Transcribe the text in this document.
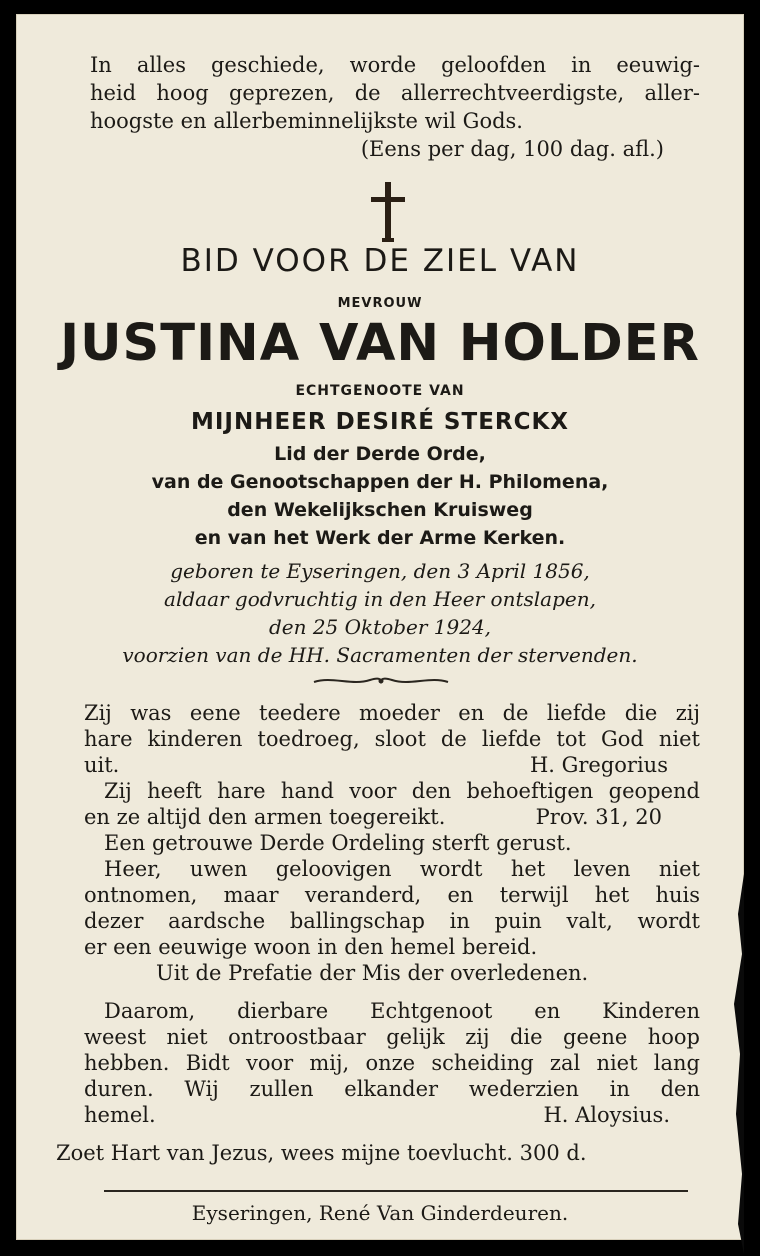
In alles geschiede, worde geloofden in eeuwig-

heid hoog geprezen, de allerrechtveerdigste, aller-

hoogste en allerbeminnelijkste wil Gods.

(Eens per dag, 100 dag. afl.)

BID VOOR DE ZIEL VAN

MEVROUW

JUSTINA VAN HOLDER

ECHTGENOOTE VAN

MIJNHEER DESIRÉ STERCKX

Lid der Derde Orde,

van de Genootschappen der H. Philomena,

den Wekelijkschen Kruisweg

en van het Werk der Arme Kerken.

geboren te Eyseringen, den 3 April 1856,

aldaar godvruchtig in den Heer ontslapen,

den 25 Oktober 1924,

voorzien van de HH. Sacramenten der stervenden.

Zij was eene teedere moeder en de liefde die zij

hare kinderen toedroeg, sloot de liefde tot God niet

uit.	H. Gregorius

Zij heeft hare hand voor den behoeftigen geopend

en ze altijd den armen toegereikt.	Prov. 31, 20

Een getrouwe Derde Ordeling sterft gerust.

Heer, uwen geloovigen wordt het leven niet

ontnomen, maar veranderd, en terwijl het huis

dezer aardsche ballingschap in puin valt, wordt

er een eeuwige woon in den hemel bereid.

Uit de Prefatie der Mis der overledenen.

Daarom, dierbare Echtgenoot en Kinderen

weest niet ontroostbaar gelijk zij die geene hoop

hebben. Bidt voor mij, onze scheiding zal niet lang

duren. Wij zullen elkander wederzien in den

hemel.	H. Aloysius.

Zoet Hart van Jezus, wees mijne toevlucht. 300 d.

Eyseringen, René Van Ginderdeuren.
